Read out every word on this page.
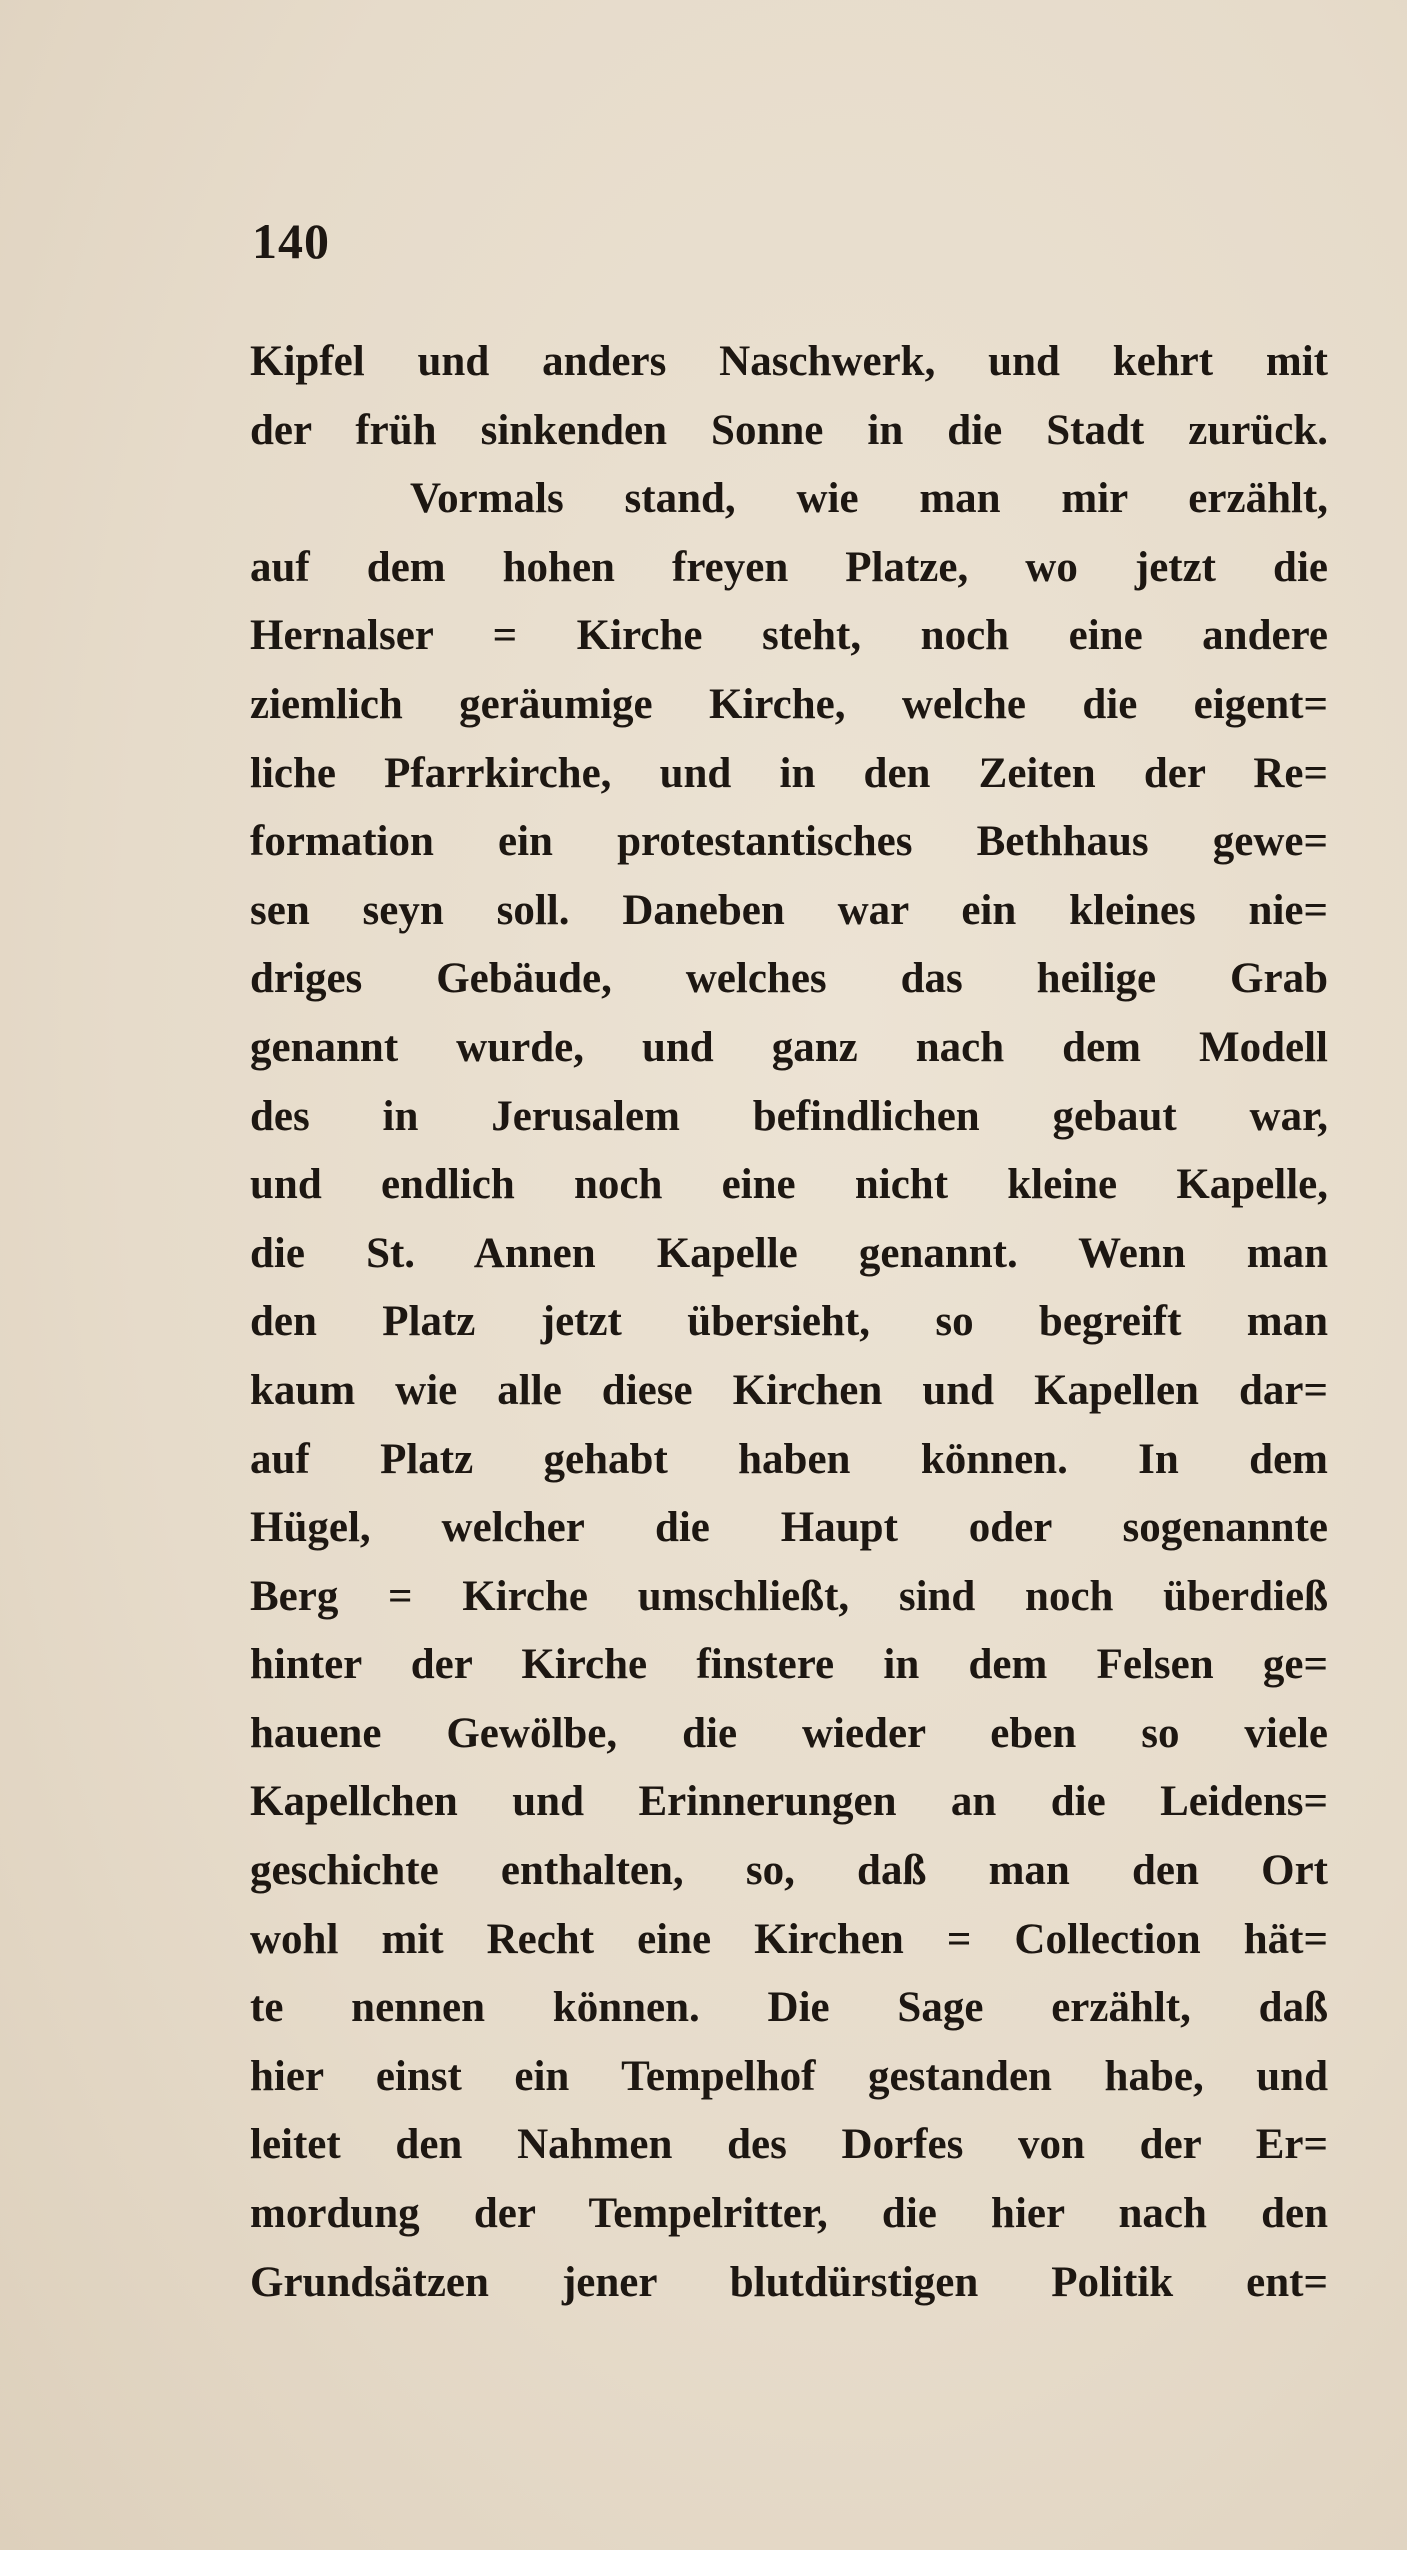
140
Kipfel und anders Naschwerk, und kehrt mit
der früh sinkenden Sonne in die Stadt zurück.
Vormals stand, wie man mir erzählt,
auf dem hohen freyen Platze, wo jetzt die
Hernalser = Kirche steht, noch eine andere
ziemlich geräumige Kirche, welche die eigent=
liche Pfarrkirche, und in den Zeiten der Re=
formation ein protestantisches Bethhaus gewe=
sen seyn soll. Daneben war ein kleines nie=
driges Gebäude, welches das heilige Grab
genannt wurde, und ganz nach dem Modell
des in Jerusalem befindlichen gebaut war,
und endlich noch eine nicht kleine Kapelle,
die St. Annen Kapelle genannt. Wenn man
den Platz jetzt übersieht, so begreift man
kaum wie alle diese Kirchen und Kapellen dar=
auf Platz gehabt haben können. In dem
Hügel, welcher die Haupt oder sogenannte
Berg = Kirche umschließt, sind noch überdieß
hinter der Kirche finstere in dem Felsen ge=
hauene Gewölbe, die wieder eben so viele
Kapellchen und Erinnerungen an die Leidens=
geschichte enthalten, so, daß man den Ort
wohl mit Recht eine Kirchen = Collection hät=
te nennen können. Die Sage erzählt, daß
hier einst ein Tempelhof gestanden habe, und
leitet den Nahmen des Dorfes von der Er=
mordung der Tempelritter, die hier nach den
Grundsätzen jener blutdürstigen Politik ent=
